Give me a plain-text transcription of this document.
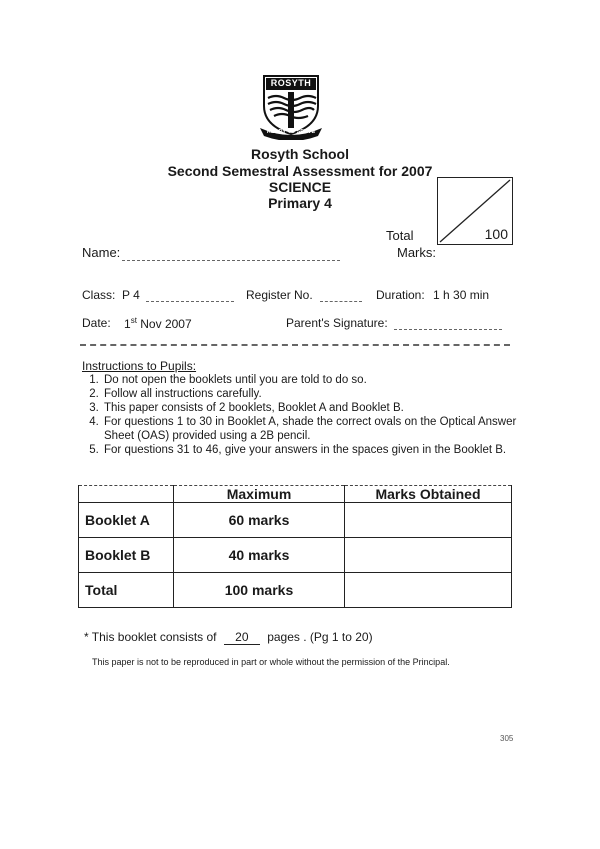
ROSYTH
READY TO SERVE
Rosyth School
Second Semestral Assessment for 2007
SCIENCE
Primary 4
100
Total
Marks:
Name:
Class: P 4	Register No.	Duration: 1 h 30 min
Date: 1st Nov 2007	Parent's Signature:
Instructions to Pupils:
1. Do not open the booklets until you are told to do so.
2. Follow all instructions carefully.
3. This paper consists of 2 booklets, Booklet A and Booklet B.
4. For questions 1 to 30 in Booklet A, shade the correct ovals on the Optical Answer Sheet (OAS) provided using a 2B pencil.
5. For questions 31 to 46, give your answers in the spaces given in the Booklet B.
	Maximum	Marks Obtained
Booklet A	60 marks	
Booklet B	40 marks	
Total	100 marks	
* This booklet consists of 20 pages . (Pg 1 to 20)
This paper is not to be reproduced in part or whole without the permission of the Principal.
305
